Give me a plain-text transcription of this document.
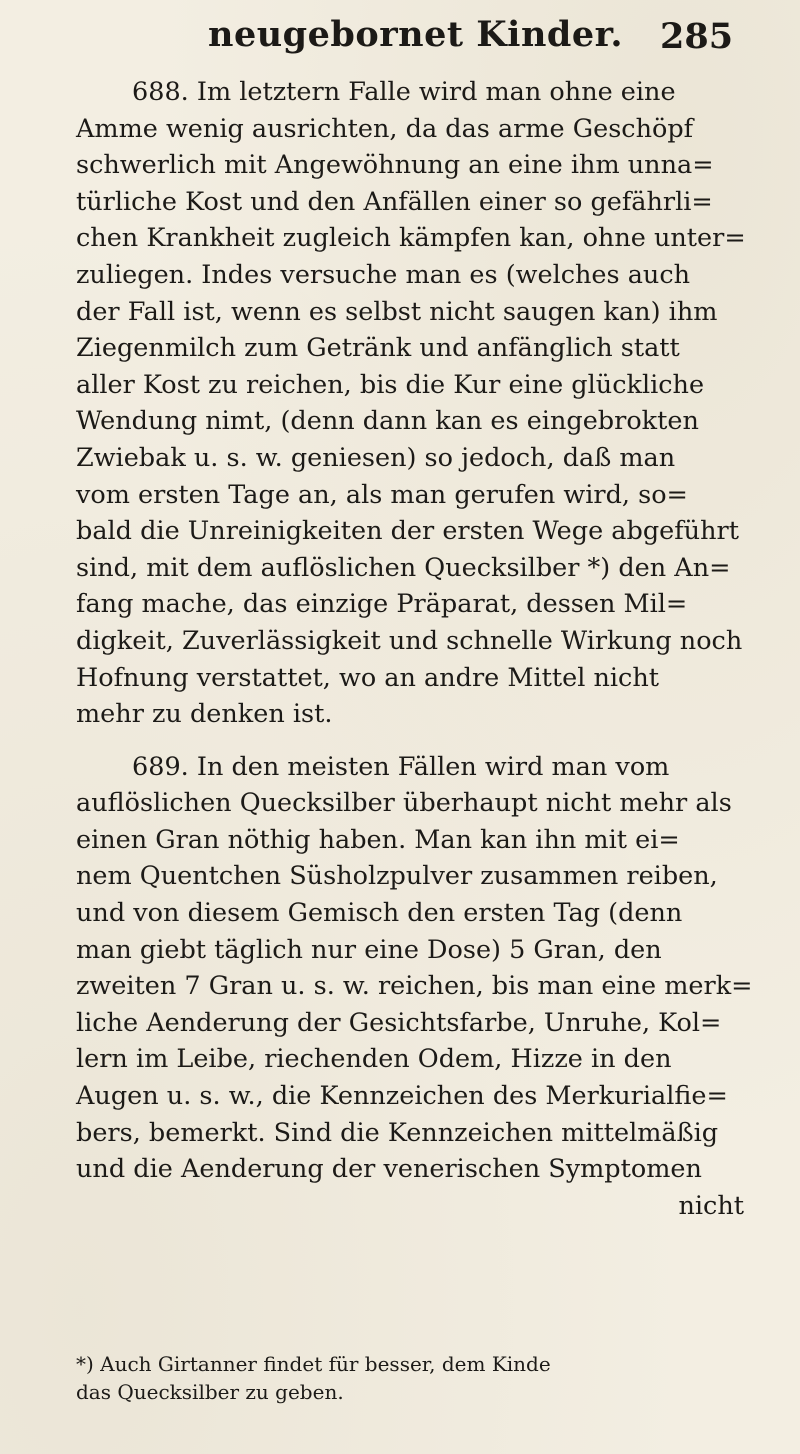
neugebornet Kinder. 285
688. Im letztern Falle wird man ohne eine
Amme wenig ausrichten, da das arme Geschöpf
schwerlich mit Angewöhnung an eine ihm unna=
türliche Kost und den Anfällen einer so gefährli=
chen Krankheit zugleich kämpfen kan, ohne unter=
zuliegen. Indes versuche man es (welches auch
der Fall ist, wenn es selbst nicht saugen kan) ihm
Ziegenmilch zum Getränk und anfänglich statt
aller Kost zu reichen, bis die Kur eine glückliche
Wendung nimt, (denn dann kan es eingebrokten
Zwiebak u. s. w. geniesen) so jedoch, daß man
vom ersten Tage an, als man gerufen wird, so=
bald die Unreinigkeiten der ersten Wege abgeführt
sind, mit dem auflöslichen Quecksilber *) den An=
fang mache, das einzige Präparat, dessen Mil=
digkeit, Zuverlässigkeit und schnelle Wirkung noch
Hofnung verstattet, wo an andre Mittel nicht
mehr zu denken ist.
689. In den meisten Fällen wird man vom
auflöslichen Quecksilber überhaupt nicht mehr als
einen Gran nöthig haben. Man kan ihn mit ei=
nem Quentchen Süsholzpulver zusammen reiben,
und von diesem Gemisch den ersten Tag (denn
man giebt täglich nur eine Dose) 5 Gran, den
zweiten 7 Gran u. s. w. reichen, bis man eine merk=
liche Aenderung der Gesichtsfarbe, Unruhe, Kol=
lern im Leibe, riechenden Odem, Hizze in den
Augen u. s. w., die Kennzeichen des Merkurialfie=
bers, bemerkt. Sind die Kennzeichen mittelmäßig
und die Aenderung der venerischen Symptomen
nicht
*) Auch Girtanner findet für besser, dem Kinde
das Quecksilber zu geben.
